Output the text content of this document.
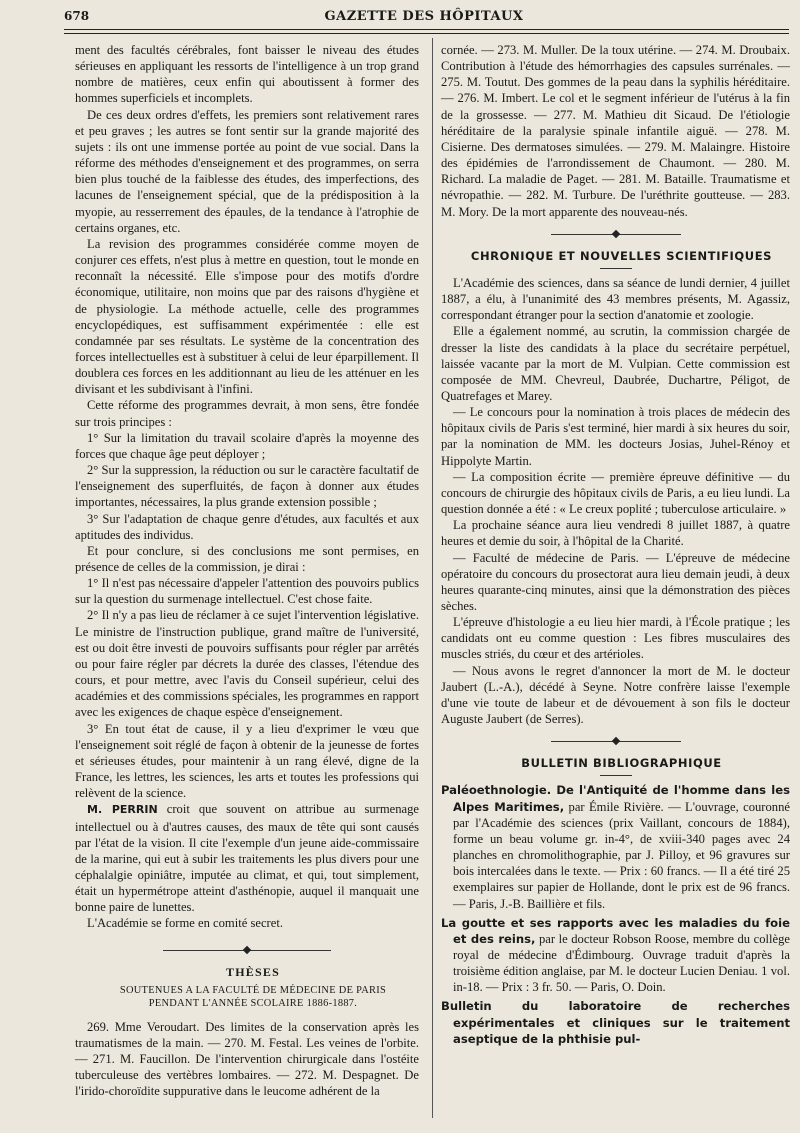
678	GAZETTE DES HÔPITAUX

ment des facultés cérébrales, font baisser le niveau des études sérieuses en appliquant les ressorts de l'intelligence à un trop grand nombre de matières, ceux enfin qui aboutissent à former des hommes superficiels et incomplets.

De ces deux ordres d'effets, les premiers sont relativement rares et peu graves ; les autres se font sentir sur la grande majorité des sujets : ils ont une immense portée au point de vue social. Dans la réforme des méthodes d'enseignement et des programmes, on serra bien plus touché de la faiblesse des études, des imperfections, des lacunes de l'enseignement spécial, que de la prédisposition à la myopie, au resserrement des épaules, de la tendance à l'atrophie de certains organes, etc.

La revision des programmes considérée comme moyen de conjurer ces effets, n'est plus à mettre en question, tout le monde en reconnaît la nécessité. Elle s'impose pour des motifs d'ordre économique, utilitaire, non moins que par des raisons d'hygiène et de physiologie. La méthode actuelle, celle des programmes encyclopédiques, est suffisamment expérimentée : elle est condamnée par ses résultats. Le système de la concentration des forces intellectuelles est à substituer à celui de leur éparpillement. Il doublera ces forces en les additionnant au lieu de les atténuer en les divisant et les subdivisant à l'infini.

Cette réforme des programmes devrait, à mon sens, être fondée sur trois principes :

1° Sur la limitation du travail scolaire d'après la moyenne des forces que chaque âge peut déployer ;

2° Sur la suppression, la réduction ou sur le caractère facultatif de l'enseignement des superfluités, de façon à donner aux études importantes, nécessaires, la plus grande extension possible ;

3° Sur l'adaptation de chaque genre d'études, aux facultés et aux aptitudes des individus.

Et pour conclure, si des conclusions me sont permises, en présence de celles de la commission, je dirai :

1° Il n'est pas nécessaire d'appeler l'attention des pouvoirs publics sur la question du surmenage intellectuel. C'est chose faite.

2° Il n'y a pas lieu de réclamer à ce sujet l'intervention législative. Le ministre de l'instruction publique, grand maître de l'université, est ou doit être investi de pouvoirs suffisants pour régler par arrêtés ou pour faire régler par décrets la durée des classes, l'étendue des cours, et pour mettre, avec l'avis du Conseil supérieur, celui des académies et des commissions spéciales, les programmes en rapport avec les exigences de chaque espèce d'enseignement.

3° En tout état de cause, il y a lieu d'exprimer le vœu que l'enseignement soit réglé de façon à obtenir de la jeunesse de fortes et sérieuses études, pour maintenir à un rang élevé, digne de la France, les lettres, les sciences, les arts et toutes les professions qui relèvent de la science.

M. PERRIN croit que souvent on attribue au surmenage intellectuel ou à d'autres causes, des maux de tête qui sont causés par l'état de la vision. Il cite l'exemple d'un jeune aide-commissaire de la marine, qui eut à subir les traitements les plus divers pour une céphalalgie opiniâtre, imputée au climat, et qui, tout simplement, était un hypermétrope atteint d'asthénopie, auquel il manquait une bonne paire de lunettes.

L'Académie se forme en comité secret.

THÈSES

SOUTENUES A LA FACULTÉ DE MÉDECINE DE PARIS

PENDANT L'ANNÉE SCOLAIRE 1886-1887.

269. Mme Veroudart. Des limites de la conservation après les traumatismes de la main. — 270. M. Festal. Les veines de l'orbite. — 271. M. Faucillon. De l'intervention chirurgicale dans l'ostéite tuberculeuse des vertèbres lombaires. — 272. M. Despagnet. De l'irido-choroïdite suppurative dans le leucome adhérent de la

cornée. — 273. M. Muller. De la toux utérine. — 274. M. Droubaix. Contribution à l'étude des hémorrhagies des capsules surrénales. — 275. M. Toutut. Des gommes de la peau dans la syphilis héréditaire. — 276. M. Imbert. Le col et le segment inférieur de l'utérus à la fin de la grossesse. — 277. M. Mathieu dit Sicaud. De l'étiologie héréditaire de la paralysie spinale infantile aiguë. — 278. M. Cisierne. Des dermatoses simulées. — 279. M. Malaingre. Histoire des épidémies de l'arrondissement de Chaumont. — 280. M. Richard. La maladie de Paget. — 281. M. Bataille. Traumatisme et névropathie. — 282. M. Turbure. De l'uréthrite goutteuse. — 283. M. Mory. De la mort apparente des nouveau-nés.

CHRONIQUE ET NOUVELLES SCIENTIFIQUES

L'Académie des sciences, dans sa séance de lundi dernier, 4 juillet 1887, a élu, à l'unanimité des 43 membres présents, M. Agassiz, correspondant étranger pour la section d'anatomie et zoologie.

Elle a également nommé, au scrutin, la commission chargée de dresser la liste des candidats à la place du secrétaire perpétuel, laissée vacante par la mort de M. Vulpian. Cette commission est composée de MM. Chevreul, Daubrée, Duchartre, Péligot, de Quatrefages et Marey.

— Le concours pour la nomination à trois places de médecin des hôpitaux civils de Paris s'est terminé, hier mardi à six heures du soir, par la nomination de MM. les docteurs Josias, Juhel-Rénoy et Hippolyte Martin.

— La composition écrite — première épreuve définitive — du concours de chirurgie des hôpitaux civils de Paris, a eu lieu lundi. La question donnée a été : « Le creux poplité ; tuberculose articulaire. »

La prochaine séance aura lieu vendredi 8 juillet 1887, à quatre heures et demie du soir, à l'hôpital de la Charité.

— Faculté de médecine de Paris. — L'épreuve de médecine opératoire du concours du prosectorat aura lieu demain jeudi, à deux heures quarante-cinq minutes, ainsi que la démonstration des pièces sèches.

L'épreuve d'histologie a eu lieu hier mardi, à l'École pratique ; les candidats ont eu comme question : Les fibres musculaires des muscles striés, du cœur et des artérioles.

— Nous avons le regret d'annoncer la mort de M. le docteur Jaubert (L.-A.), décédé à Seyne. Notre confrère laisse l'exemple d'une vie toute de labeur et de dévouement à son fils le docteur Auguste Jaubert (de Serres).

BULLETIN BIBLIOGRAPHIQUE

Paléoethnologie. De l'Antiquité de l'homme dans les Alpes Maritimes, par Émile Rivière. — L'ouvrage, couronné par l'Académie des sciences (prix Vaillant, concours de 1884), forme un beau volume gr. in-4°, de xviii-340 pages avec 24 planches en chromolithographie, par J. Pilloy, et 96 gravures sur bois intercalées dans le texte. — Prix : 60 francs. — Il a été tiré 25 exemplaires sur papier de Hollande, dont le prix est de 96 francs. — Paris, J.-B. Baillière et fils.

La goutte et ses rapports avec les maladies du foie et des reins, par le docteur Robson Roose, membre du collège royal de médecine d'Édimbourg. Ouvrage traduit d'après la troisième édition anglaise, par M. le docteur Lucien Deniau. 1 vol. in-18. — Prix : 3 fr. 50. — Paris, O. Doin.

Bulletin du laboratoire de recherches expérimentales et cliniques sur le traitement aseptique de la phthisie pul-
